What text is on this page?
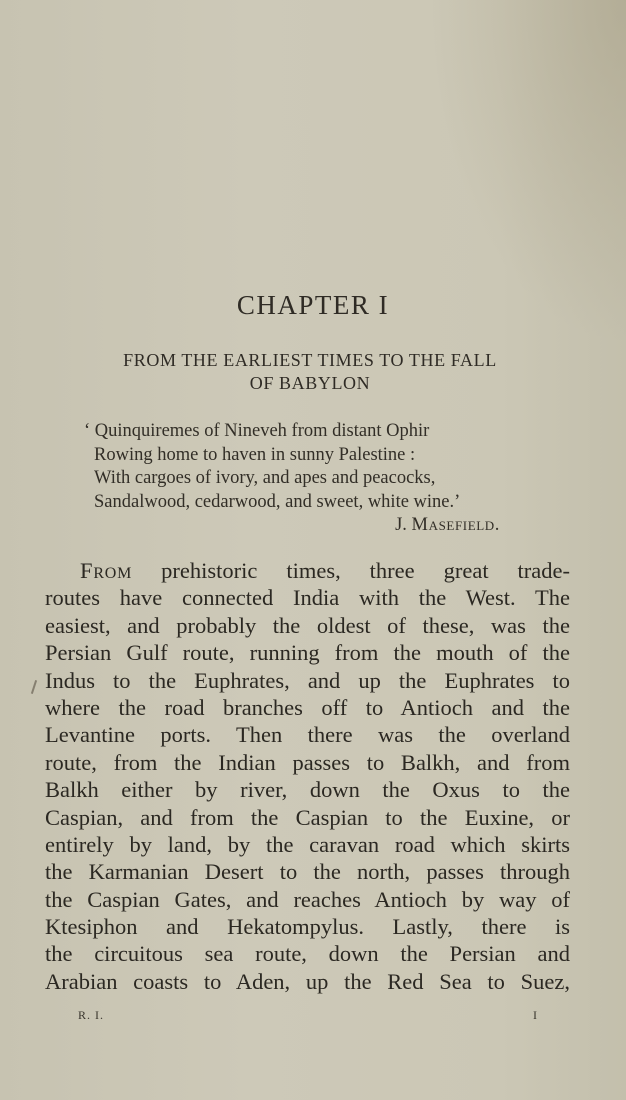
CHAPTER I
FROM THE EARLIEST TIMES TO THE FALL
OF BABYLON
‘ Quinquiremes of Nineveh from distant Ophir
Rowing home to haven in sunny Palestine :
With cargoes of ivory, and apes and peacocks,
Sandalwood, cedarwood, and sweet, white wine.’
J. Masefield.
From prehistoric times, three great trade-
routes have connected India with the West. The
easiest, and probably the oldest of these, was the
Persian Gulf route, running from the mouth of the
Indus to the Euphrates, and up the Euphrates to
where the road branches off to Antioch and the
Levantine ports. Then there was the overland
route, from the Indian passes to Balkh, and from
Balkh either by river, down the Oxus to the
Caspian, and from the Caspian to the Euxine, or
entirely by land, by the caravan road which skirts
the Karmanian Desert to the north, passes through
the Caspian Gates, and reaches Antioch by way of
Ktesiphon and Hekatompylus. Lastly, there is
the circuitous sea route, down the Persian and
Arabian coasts to Aden, up the Red Sea to Suez,
R. I.	I
